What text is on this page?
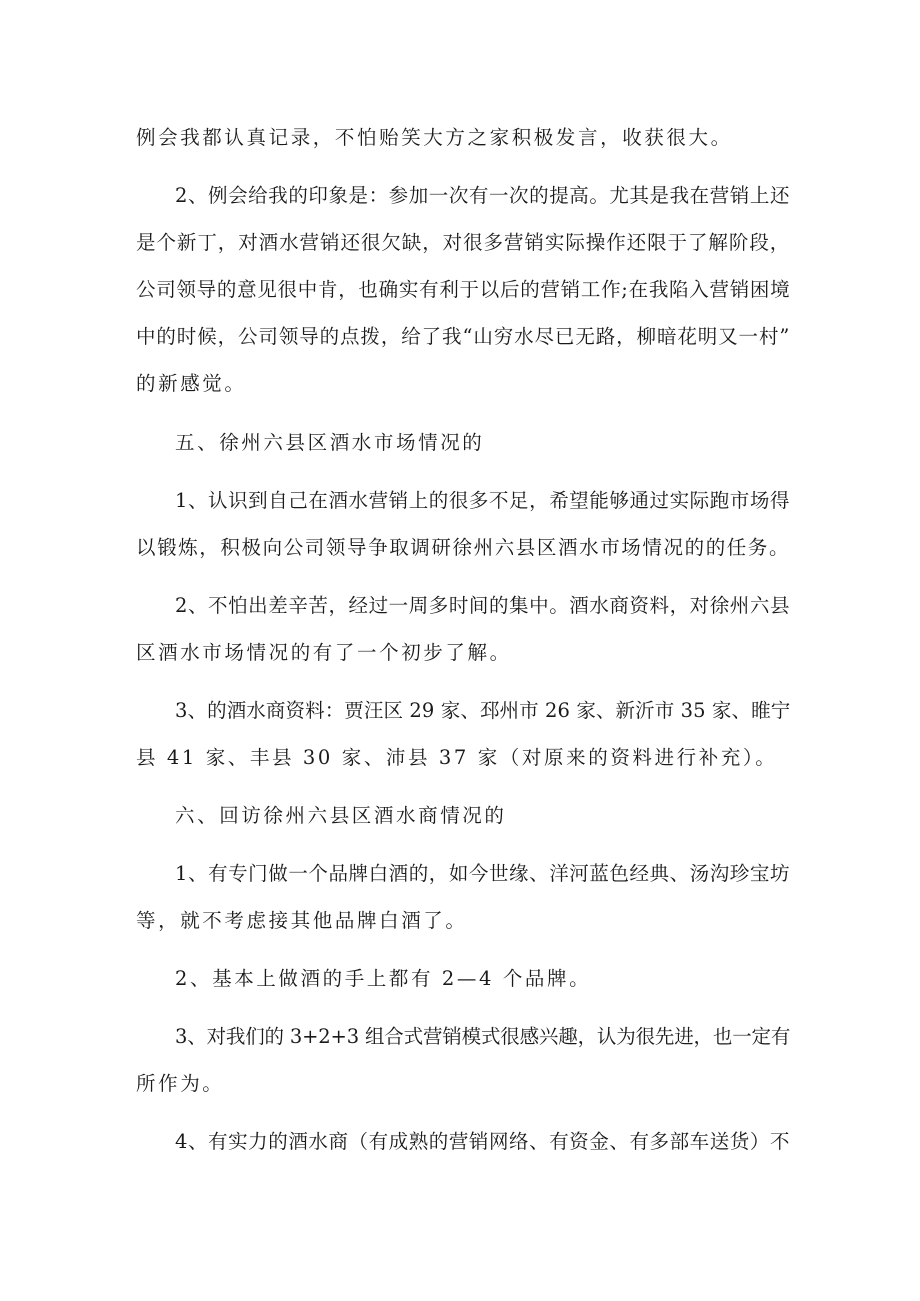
例会我都认真记录，不怕贻笑大方之家积极发言，收获很大。
2、例会给我的印象是：参加一次有一次的提高。尤其是我在营销上还
是个新丁，对酒水营销还很欠缺，对很多营销实际操作还限于了解阶段，
公司领导的意见很中肯，也确实有利于以后的营销工作;在我陷入营销困境
中的时候，公司领导的点拨，给了我“山穷水尽已无路，柳暗花明又一村”
的新感觉。
五、徐州六县区酒水市场情况的
1、认识到自己在酒水营销上的很多不足，希望能够通过实际跑市场得
以锻炼，积极向公司领导争取调研徐州六县区酒水市场情况的的任务。
2、不怕出差辛苦，经过一周多时间的集中。酒水商资料，对徐州六县
区酒水市场情况的有了一个初步了解。
3、的酒水商资料：贾汪区 29 家、邳州市 26 家、新沂市 35 家、睢宁
县 41 家、丰县 30 家、沛县 37 家（对原来的资料进行补充）。
六、回访徐州六县区酒水商情况的
1、有专门做一个品牌白酒的，如今世缘、洋河蓝色经典、汤沟珍宝坊
等，就不考虑接其他品牌白酒了。
2、基本上做酒的手上都有 2—4 个品牌。
3、对我们的 3+2+3 组合式营销模式很感兴趣，认为很先进，也一定有
所作为。
4、有实力的酒水商（有成熟的营销网络、有资金、有多部车送货）不
